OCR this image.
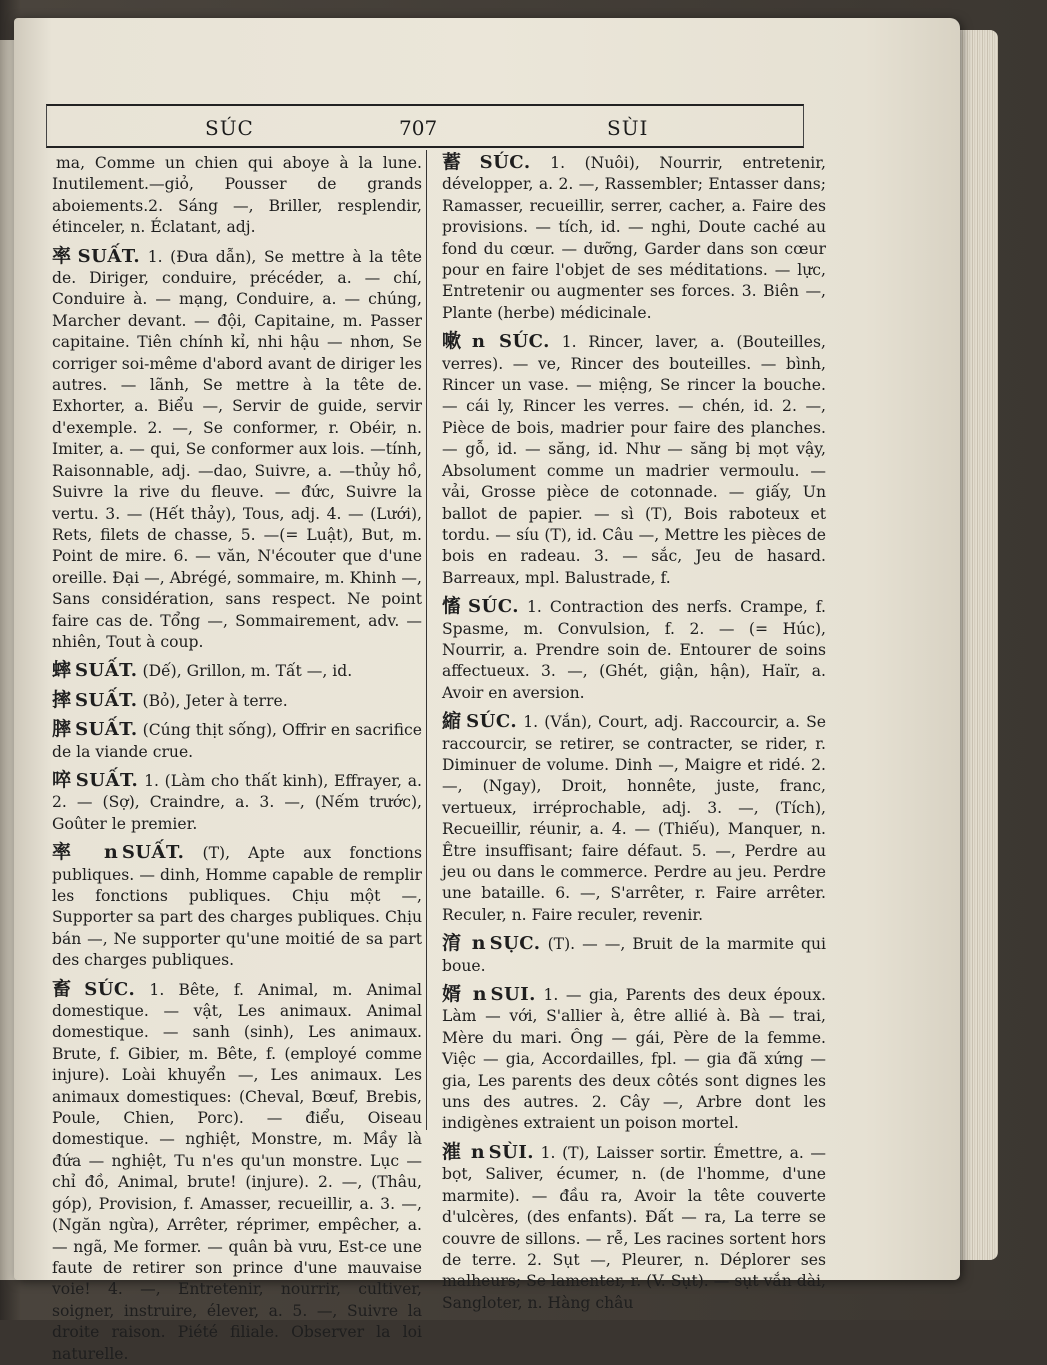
SÚC	707	SÙI

ma, Comme un chien qui aboye à la lune. Inutilement.—giỏ, Pousser de grands aboiements.2. Sáng —, Briller, resplendir, étinceler, n. Éclatant, adj.

率 SUẤT. 1. (Đưa dẫn), Se mettre à la tête de. Diriger, conduire, précéder, a. — chí, Conduire à. — mạng, Conduire, a. — chúng, Marcher devant. — đội, Capitaine, m. Passer capitaine. Tiên chính kỉ, nhi hậu — nhơn, Se corriger soi-même d'abord avant de diriger les autres. — lãnh, Se mettre à la tête de. Exhorter, a. Biểu —, Servir de guide, servir d'exemple. 2. —, Se conformer, r. Obéir, n. Imiter, a. — qui, Se conformer aux lois. —tính, Raisonnable, adj. —dao, Suivre, a. —thủy hồ, Suivre la rive du fleuve. — đức, Suivre la vertu. 3. — (Hết thảy), Tous, adj. 4. — (Lưới), Rets, filets de chasse, 5. —(= Luật), But, m. Point de mire. 6. — văn, N'écouter que d'une oreille. Đại —, Abrégé, sommaire, m. Khinh —, Sans considération, sans respect. Ne point faire cas de. Tổng —, Sommairement, adv. — nhiên, Tout à coup.

蟀 SUẤT. (Dế), Grillon, m. Tất —, id.

摔 SUẤT. (Bỏ), Jeter à terre.

膟 SUẤT. (Cúng thịt sống), Offrir en sacrifice de la viande crue.

啐 SUẤT. 1. (Làm cho thất kinh), Effrayer, a. 2. — (Sợ), Craindre, a. 3. —, (Nếm trước), Goûter le premier.

率 n SUẤT. (T), Apte aux fonctions publiques. — dinh, Homme capable de remplir les fonctions publiques. Chịu một —, Supporter sa part des charges publiques. Chịu bán —, Ne supporter qu'une moitié de sa part des charges publiques.

畜 SÚC. 1. Bête, f. Animal, m. Animal domestique. — vật, Les animaux. Animal domestique. — sanh (sinh), Les animaux. Brute, f. Gibier, m. Bête, f. (employé comme injure). Loài khuyển —, Les animaux. Les animaux domestiques: (Cheval, Bœuf, Brebis, Poule, Chien, Porc). — điểu, Oiseau domestique. — nghiệt, Monstre, m. Mầy là đứa — nghiệt, Tu n'es qu'un monstre. Lục — chỉ đồ, Animal, brute! (injure). 2. —, (Thâu, góp), Provision, f. Amasser, recueillir, a. 3. —, (Ngăn ngừa), Arrêter, réprimer, empêcher, a. — ngã, Me former. — quân bà vưu, Est-ce une faute de retirer son prince d'une mauvaise voie! 4. —, Entretenir, nourrir, cultiver, soigner, instruire, élever, a. 5. —, Suivre la droite raison. Piété filiale. Observer la loi naturelle.

蓄 SÚC. 1. (Nuôi), Nourrir, entretenir, développer, a. 2. —, Rassembler; Entasser dans; Ramasser, recueillir, serrer, cacher, a. Faire des provisions. — tích, id. — nghi, Doute caché au fond du cœur. — dưỡng, Garder dans son cœur pour en faire l'objet de ses méditations. — lực, Entretenir ou augmenter ses forces. 3. Biên —, Plante (herbe) médicinale.

嗽 n SÚC. 1. Rincer, laver, a. (Bouteilles, verres). — ve, Rincer des bouteilles. — bình, Rincer un vase. — miệng, Se rincer la bouche. — cái ly, Rincer les verres. — chén, id. 2. —, Pièce de bois, madrier pour faire des planches. — gỗ, id. — săng, id. Như — săng bị mọt vậy, Absolument comme un madrier vermoulu. — vải, Grosse pièce de cotonnade. — giấy, Un ballot de papier. — sì (T), Bois raboteux et tordu. — síu (T), id. Câu —, Mettre les pièces de bois en radeau. 3. — sắc, Jeu de hasard. Barreaux, mpl. Balustrade, f.

慉 SÚC. 1. Contraction des nerfs. Crampe, f. Spasme, m. Convulsion, f. 2. — (= Húc), Nourrir, a. Prendre soin de. Entourer de soins affectueux. 3. —, (Ghét, giận, hận), Haïr, a. Avoir en aversion.

縮 SÚC. 1. (Vắn), Court, adj. Raccourcir, a. Se raccourcir, se retirer, se contracter, se rider, r. Diminuer de volume. Dinh —, Maigre et ridé. 2. —, (Ngay), Droit, honnête, juste, franc, vertueux, irréprochable, adj. 3. —, (Tích), Recueillir, réunir, a. 4. — (Thiếu), Manquer, n. Être insuffisant; faire défaut. 5. —, Perdre au jeu ou dans le commerce. Perdre au jeu. Perdre une bataille. 6. —, S'arrêter, r. Faire arrêter. Reculer, n. Faire reculer, revenir.

淯 n SỤC. (T). — —, Bruit de la marmite qui boue.

婿 n SUI. 1. — gia, Parents des deux époux. Làm — với, S'allier à, être allié à. Bà — trai, Mère du mari. Ông — gái, Père de la femme. Việc — gia, Accordailles, fpl. — gia đã xứng — gia, Les parents des deux côtés sont dignes les uns des autres. 2. Cây —, Arbre dont les indigènes extraient un poison mortel.

漼 n SÙI. 1. (T), Laisser sortir. Émettre, a. — bọt, Saliver, écumer, n. (de l'homme, d'une marmite). — đầu ra, Avoir la tête couverte d'ulcères, (des enfants). Đất — ra, La terre se couvre de sillons. — rễ, Les racines sortent hors de terre. 2. Sụt —, Pleurer, n. Déplorer ses malheurs; Se lamenter, r. (V. Sụt). — sụt vắn dài, Sangloter, n. Hàng châu
